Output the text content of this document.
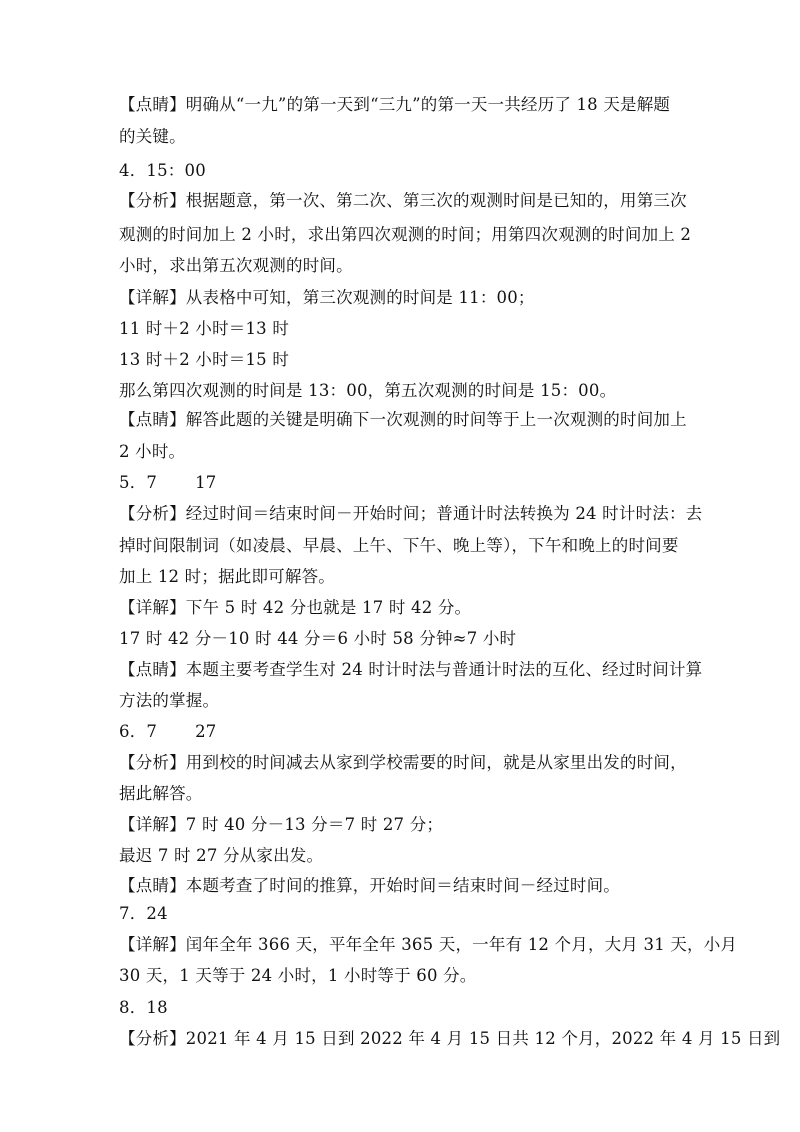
【点睛】明确从“一九”的第一天到“三九”的第一天一共经历了 18 天是解题
的关键。
4．15：00
【分析】根据题意，第一次、第二次、第三次的观测时间是已知的，用第三次
观测的时间加上 2 小时，求出第四次观测的时间；用第四次观测的时间加上 2
小时，求出第五次观测的时间。
【详解】从表格中可知，第三次观测的时间是 11：00；
11 时＋2 小时＝13 时
13 时＋2 小时＝15 时
那么第四次观测的时间是 13：00，第五次观测的时间是 15：00。
【点睛】解答此题的关键是明确下一次观测的时间等于上一次观测的时间加上
2 小时。
5．7 17
【分析】经过时间＝结束时间－开始时间；普通计时法转换为 24 时计时法：去
掉时间限制词（如凌晨、早晨、上午、下午、晚上等），下午和晚上的时间要
加上 12 时；据此即可解答。
【详解】下午 5 时 42 分也就是 17 时 42 分。
17 时 42 分－10 时 44 分＝6 小时 58 分钟≈7 小时
【点睛】本题主要考查学生对 24 时计时法与普通计时法的互化、经过时间计算
方法的掌握。
6．7 27
【分析】用到校的时间减去从家到学校需要的时间，就是从家里出发的时间，
据此解答。
【详解】7 时 40 分－13 分＝7 时 27 分；
最迟 7 时 27 分从家出发。
【点睛】本题考查了时间的推算，开始时间＝结束时间－经过时间。
7．24
【详解】闰年全年 366 天，平年全年 365 天，一年有 12 个月，大月 31 天，小月
30 天，1 天等于 24 小时，1 小时等于 60 分。
8．18
【分析】2021 年 4 月 15 日到 2022 年 4 月 15 日共 12 个月，2022 年 4 月 15 日到
